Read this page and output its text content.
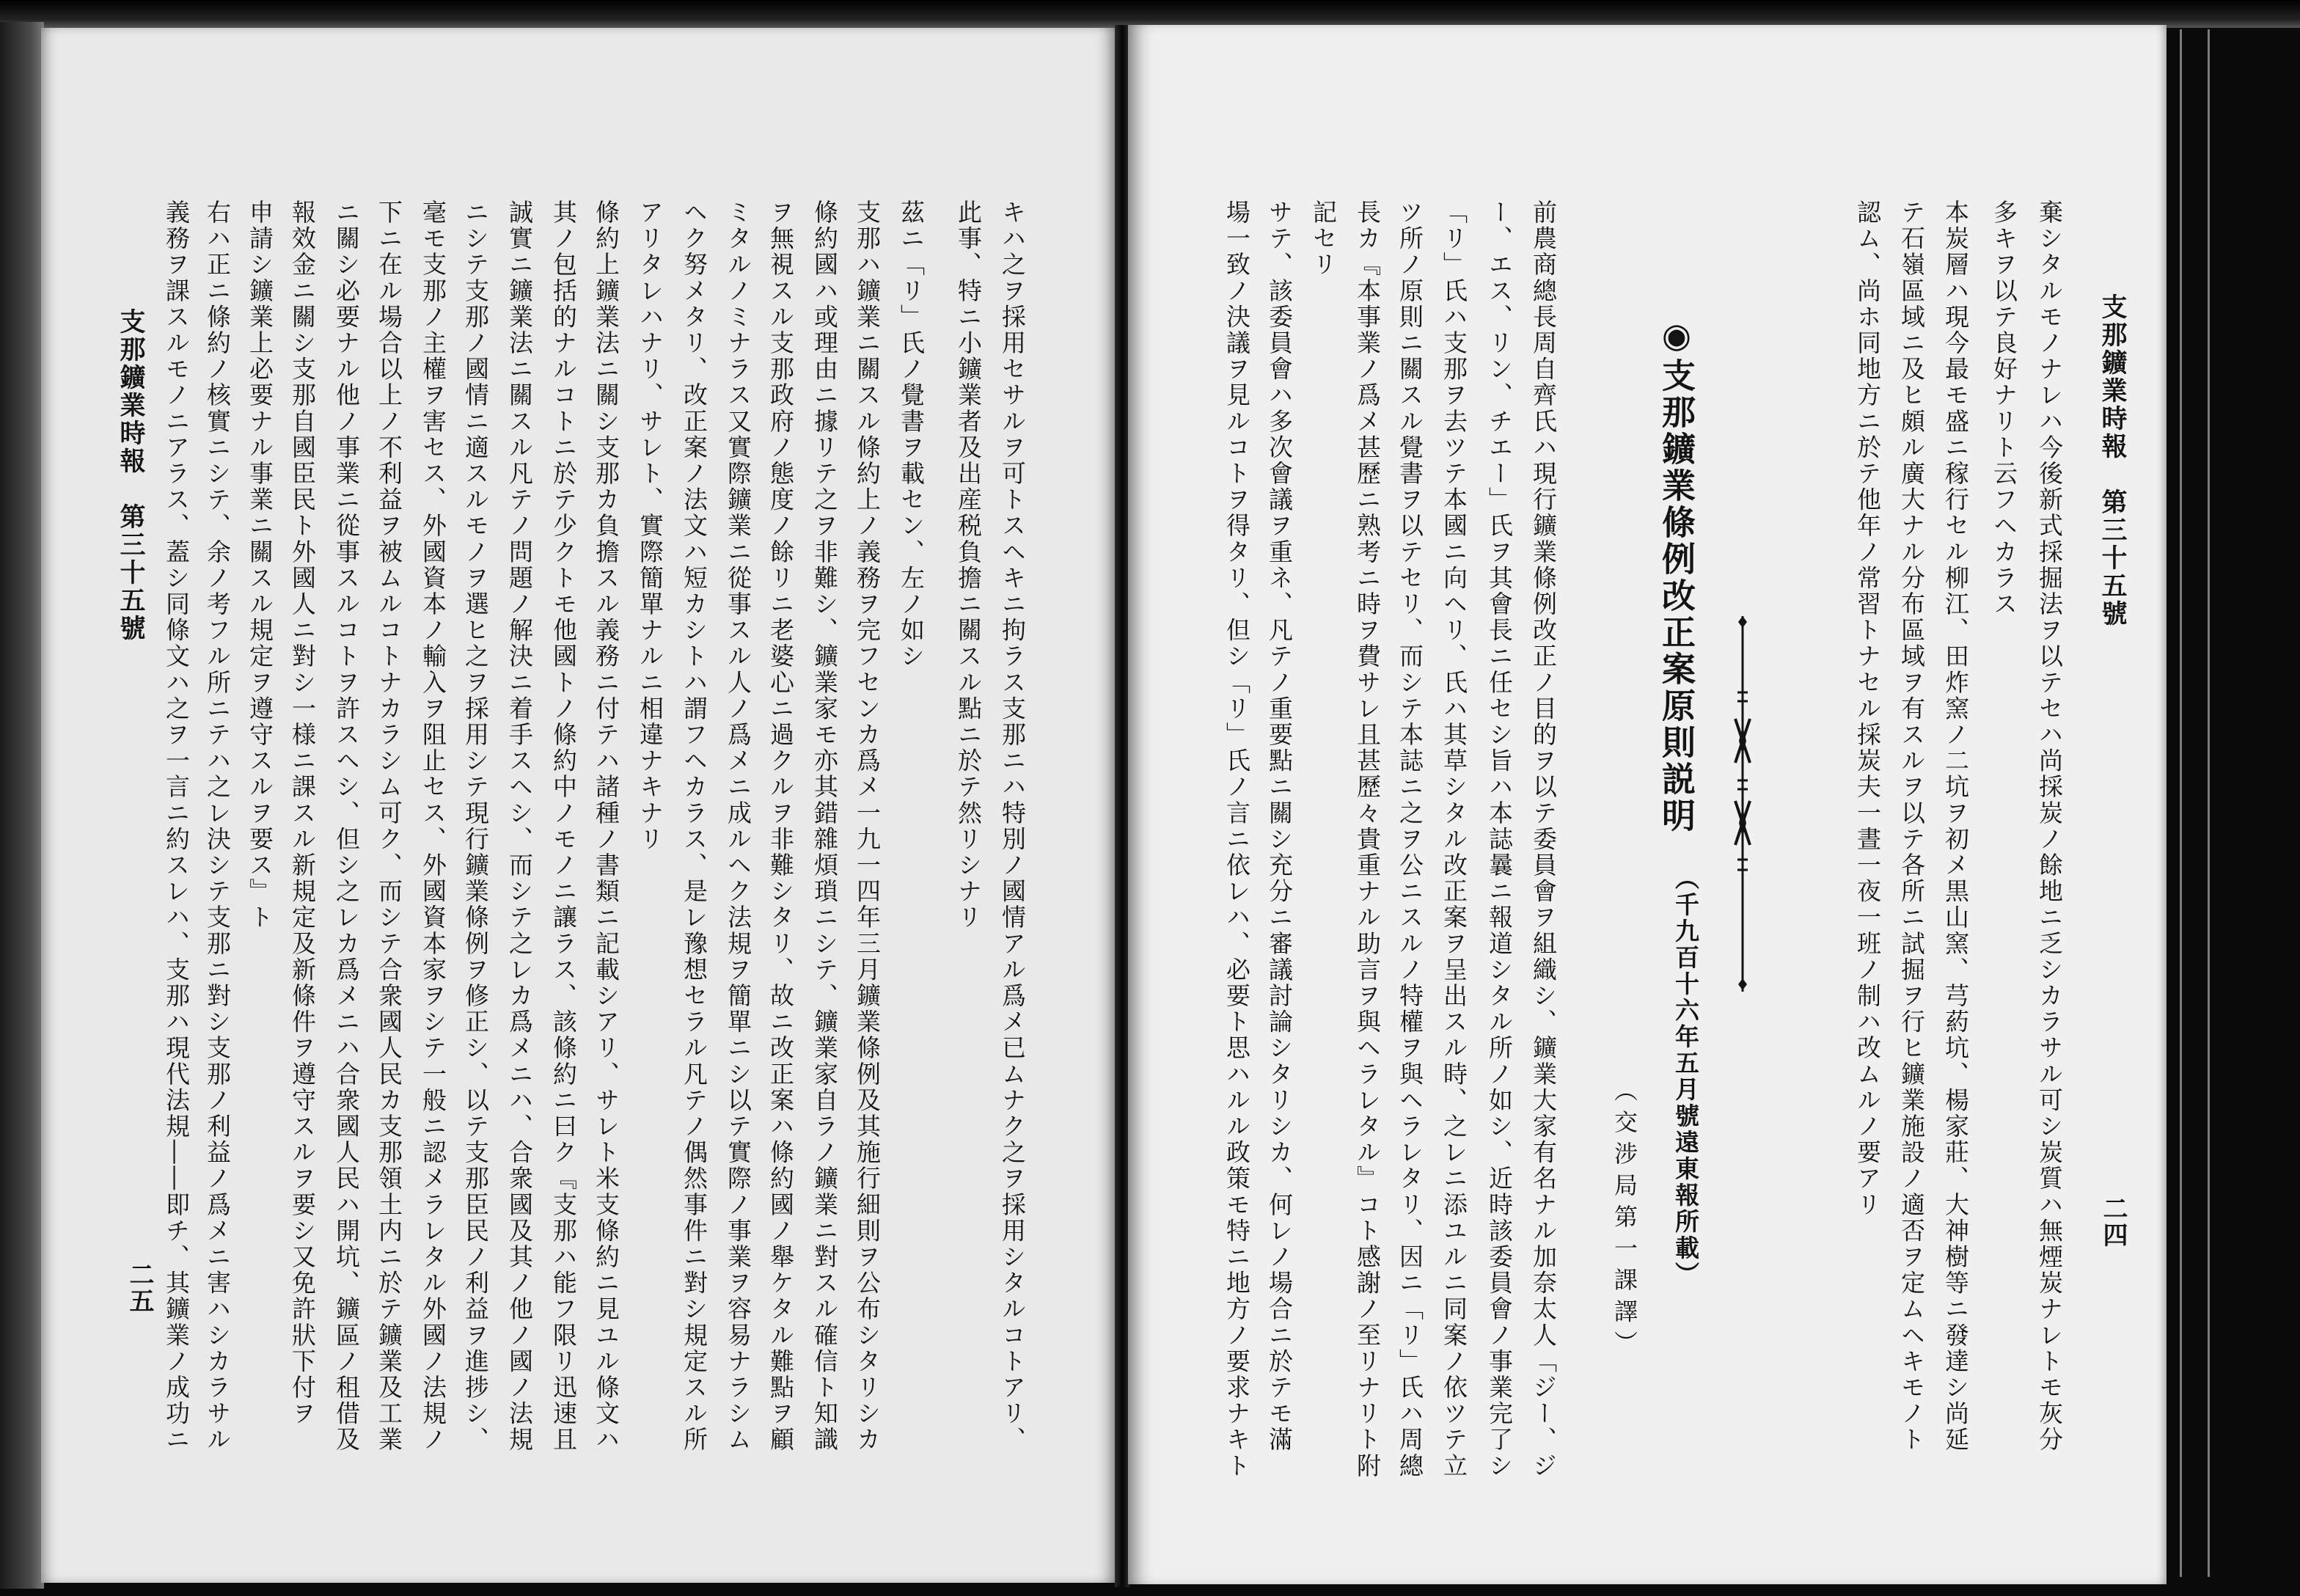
キハ之ヲ採用セサルヲ可トスヘキニ拘ラス支那ニハ特別ノ國情アル爲メ已ムナク之ヲ採用シタルコトアリ、
此事、特ニ小鑛業者及出産税負擔ニ關スル點ニ於テ然リシナリ
茲ニ「リ」氏ノ覺書ヲ載セン、左ノ如シ
支那ハ鑛業ニ關スル條約上ノ義務ヲ完フセンカ爲メ一九一四年三月鑛業條例及其施行細則ヲ公布シタリシカ
條約國ハ或理由ニ據リテ之ヲ非難シ、鑛業家モ亦其錯雜煩瑣ニシテ、鑛業家自ラノ鑛業ニ對スル確信ト知識
ヲ無視スル支那政府ノ態度ノ餘リニ老婆心ニ過クルヲ非難シタリ、故ニ改正案ハ條約國ノ舉ケタル難點ヲ顧
ミタルノミナラス又實際鑛業ニ從事スル人ノ爲メニ成ルヘク法規ヲ簡單ニシ以テ實際ノ事業ヲ容易ナラシム
ヘク努メタリ、改正案ノ法文ハ短カシトハ謂フヘカラス、是レ豫想セラル凡テノ偶然事件ニ對シ規定スル所
アリタレハナリ、サレト、實際簡單ナルニ相違ナキナリ
條約上鑛業法ニ關シ支那カ負擔スル義務ニ付テハ諸種ノ書類ニ記載シアリ、サレト米支條約ニ見ユル條文ハ
其ノ包括的ナルコトニ於テ少クトモ他國トノ條約中ノモノニ讓ラス、該條約ニ曰ク『支那ハ能フ限リ迅速且
誠實ニ鑛業法ニ關スル凡テノ問題ノ解決ニ着手スヘシ、而シテ之レカ爲メニハ、合衆國及其ノ他ノ國ノ法規
ニシテ支那ノ國情ニ適スルモノヲ選ヒ之ヲ採用シテ現行鑛業條例ヲ修正シ、以テ支那臣民ノ利益ヲ進捗シ、
毫モ支那ノ主權ヲ害セス、外國資本ノ輸入ヲ阻止セス、外國資本家ヲシテ一般ニ認メラレタル外國ノ法規ノ
下ニ在ル場合以上ノ不利益ヲ被ムルコトナカラシム可ク、而シテ合衆國人民カ支那領土内ニ於テ鑛業及工業
ニ關シ必要ナル他ノ事業ニ從事スルコトヲ許スヘシ、但シ之レカ爲メニハ合衆國人民ハ開坑、鑛區ノ租借及
報效金ニ關シ支那自國臣民ト外國人ニ對シ一様ニ課スル新規定及新條件ヲ遵守スルヲ要シ又免許狀下付ヲ
申請シ鑛業上必要ナル事業ニ關スル規定ヲ遵守スルヲ要ス』ト
右ハ正ニ條約ノ核實ニシテ、余ノ考フル所ニテハ之レ決シテ支那ニ對シ支那ノ利益ノ爲メニ害ハシカラサル
義務ヲ課スルモノニアラス、蓋シ同條文ハ之ヲ一言ニ約スレハ、支那ハ現代法規――即チ、其鑛業ノ成功ニ
支那鑛業時報　第三十五號
二五
支那鑛業時報　第三十五號
二四
棄シタルモノナレハ今後新式採掘法ヲ以テセハ尚採炭ノ餘地ニ乏シカラサル可シ炭質ハ無煙炭ナレトモ灰分
多キヲ以テ良好ナリト云フヘカラス
本炭層ハ現今最モ盛ニ稼行セル柳江、田炸窯ノ二坑ヲ初メ黒山窯、芎葯坑、楊家莊、大神樹等ニ發達シ尚延
テ石嶺區域ニ及ヒ頗ル廣大ナル分布區域ヲ有スルヲ以テ各所ニ試掘ヲ行ヒ鑛業施設ノ適否ヲ定ムヘキモノト
認ム、尚ホ同地方ニ於テ他年ノ常習トナセル採炭夫一晝一夜一班ノ制ハ改ムルノ要アリ
◉支那鑛業條例改正案原則説明
（千九百十六年五月號遠東報所載）
（交涉局第一課譯）
前農商總長周自齊氏ハ現行鑛業條例改正ノ目的ヲ以テ委員會ヲ組織シ、鑛業大家有名ナル加奈太人「ジー、ジ
ー、エス、リン、チエー」氏ヲ其會長ニ任セシ旨ハ本誌曩ニ報道シタル所ノ如シ、近時該委員會ノ事業完了シ
「リ」氏ハ支那ヲ去ツテ本國ニ向ヘリ、氏ハ其草シタル改正案ヲ呈出スル時、之レニ添ユルニ同案ノ依ツテ立
ツ所ノ原則ニ關スル覺書ヲ以テセリ、而シテ本誌ニ之ヲ公ニスルノ特權ヲ與ヘラレタリ、因ニ「リ」氏ハ周總
長カ『本事業ノ爲メ甚歷ニ熟考ニ時ヲ費サレ且甚歷々貴重ナル助言ヲ與ヘラレタル』コト感謝ノ至リナリト附
記セリ
サテ、該委員會ハ多次會議ヲ重ネ、凡テノ重要點ニ關シ充分ニ審議討論シタリシカ、何レノ場合ニ於テモ滿
場一致ノ決議ヲ見ルコトヲ得タリ、但シ「リ」氏ノ言ニ依レハ、必要ト思ハルル政策モ特ニ地方ノ要求ナキト
